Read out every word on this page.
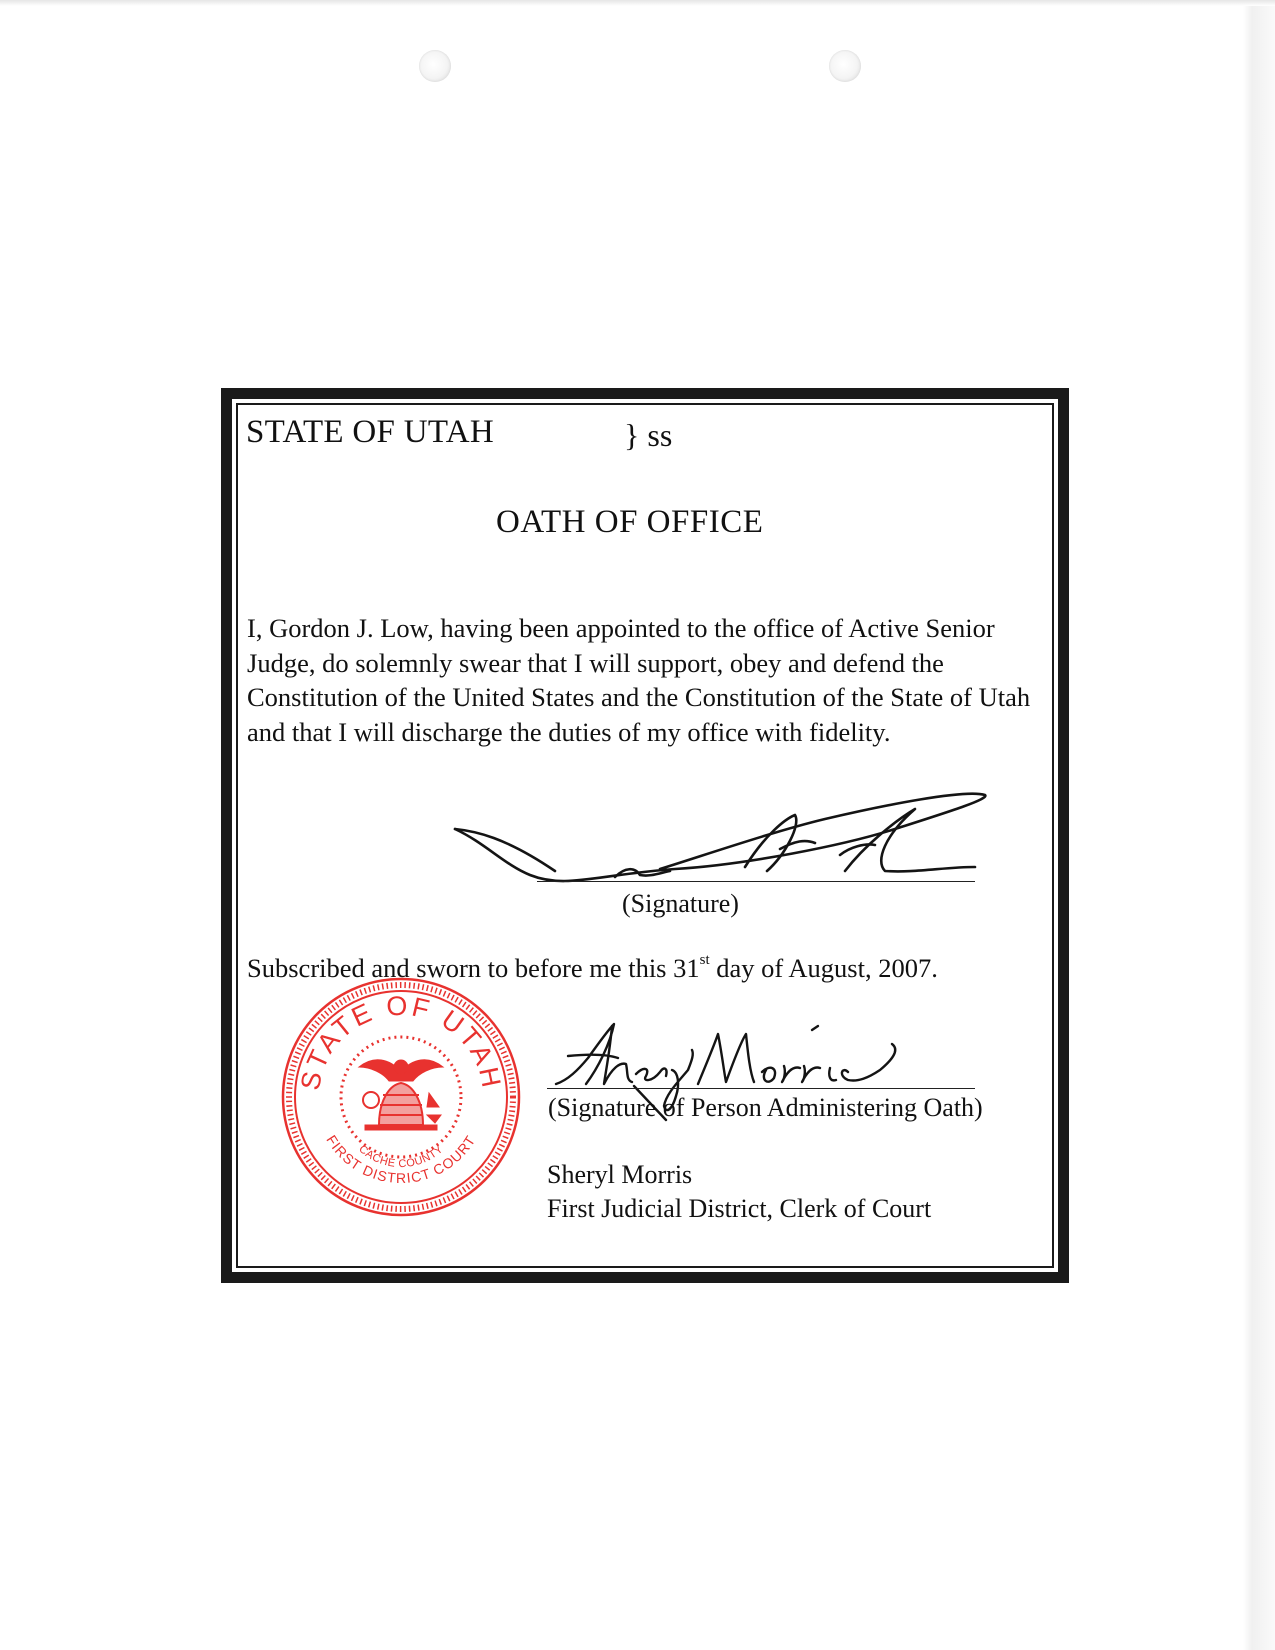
STATE OF UTAH	} ss
OATH OF OFFICE
I, Gordon J. Low, having been appointed to the office of Active Senior Judge, do solemnly swear that I will support, obey and defend the Constitution of the United States and the Constitution of the State of Utah and that I will discharge the duties of my office with fidelity.
(Signature)
Subscribed and sworn to before me this 31st day of August, 2007.
STATE OF UTAH
FIRST DISTRICT COURT
CACHE COUNTY
(Signature of Person Administering Oath)
Sheryl Morris
First Judicial District, Clerk of Court
